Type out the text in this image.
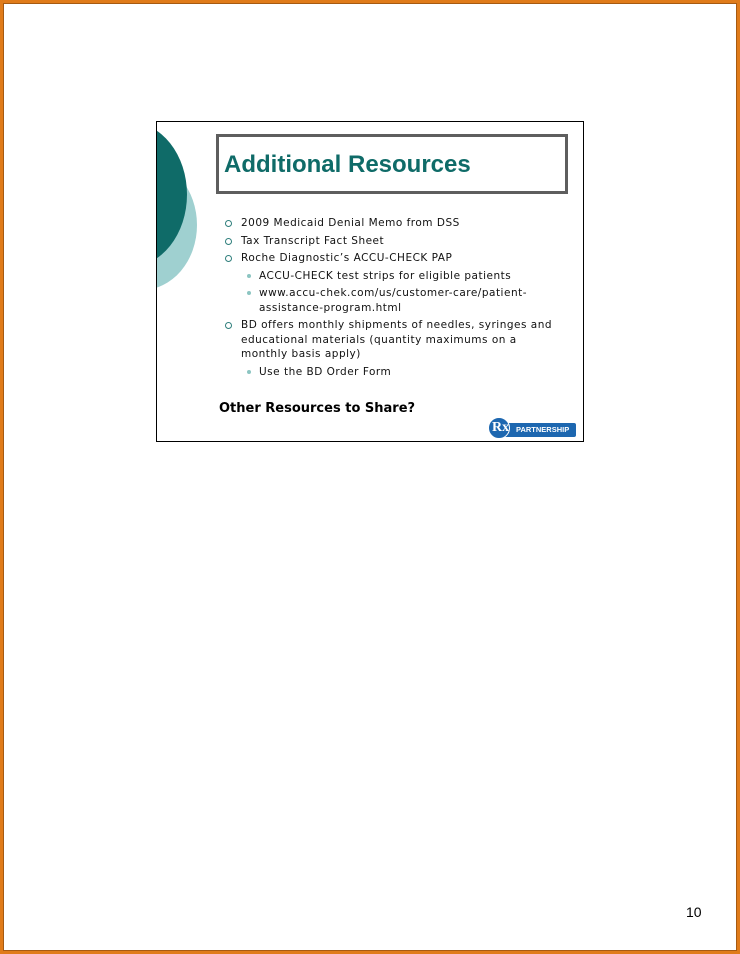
Additional Resources
2009 Medicaid Denial Memo from DSS
Tax Transcript Fact Sheet
Roche Diagnostic’s ACCU-CHECK PAP
ACCU-CHECK test strips for eligible patients
www.accu-chek.com/us/customer-care/patient-assistance-program.html
BD offers monthly shipments of needles, syringes and educational materials (quantity maximums on a monthly basis apply)
Use the BD Order Form

Other Resources to Share?

PARTNERSHIP
Rx
10
